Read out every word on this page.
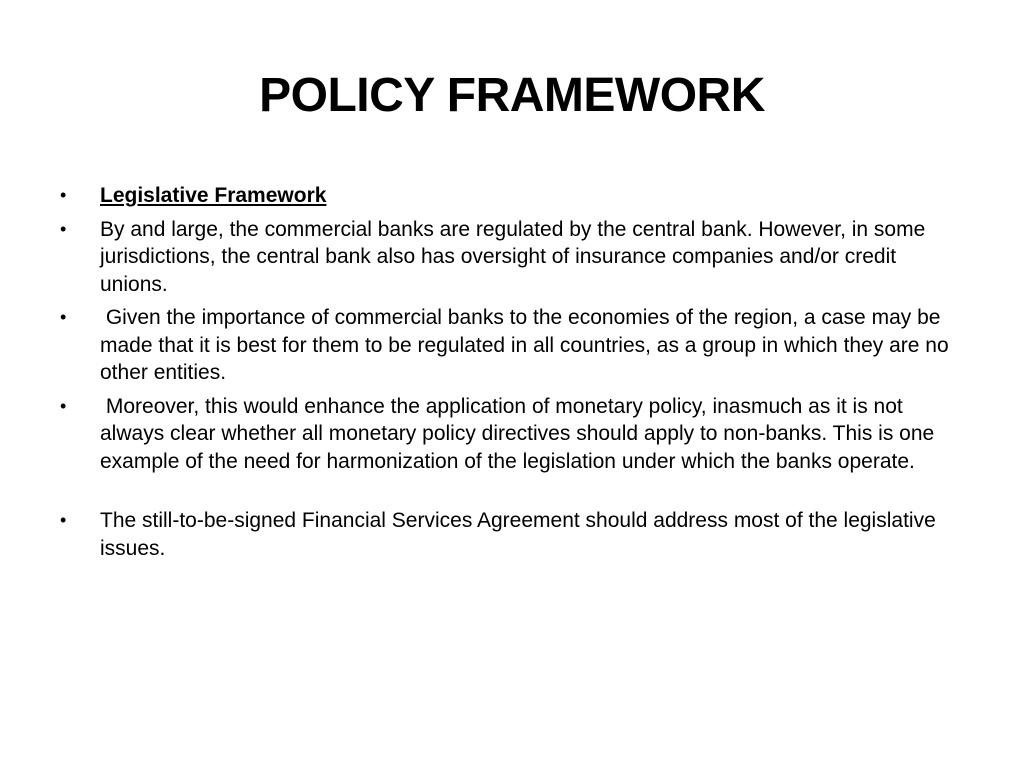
POLICY FRAMEWORK
•	Legislative Framework
•	By and large, the commercial banks are regulated by the central bank. However, in some jurisdictions, the central bank also has oversight of insurance companies and/or credit unions.
•	Given the importance of commercial banks to the economies of the region, a case may be made that it is best for them to be regulated in all countries, as a group in which they are no other entities.
•	Moreover, this would enhance the application of monetary policy, inasmuch as it is not always clear whether all monetary policy directives should apply to non-banks. This is one example of the need for harmonization of the legislation under which the banks operate.
•	The still-to-be-signed Financial Services Agreement should address most of the legislative issues.
